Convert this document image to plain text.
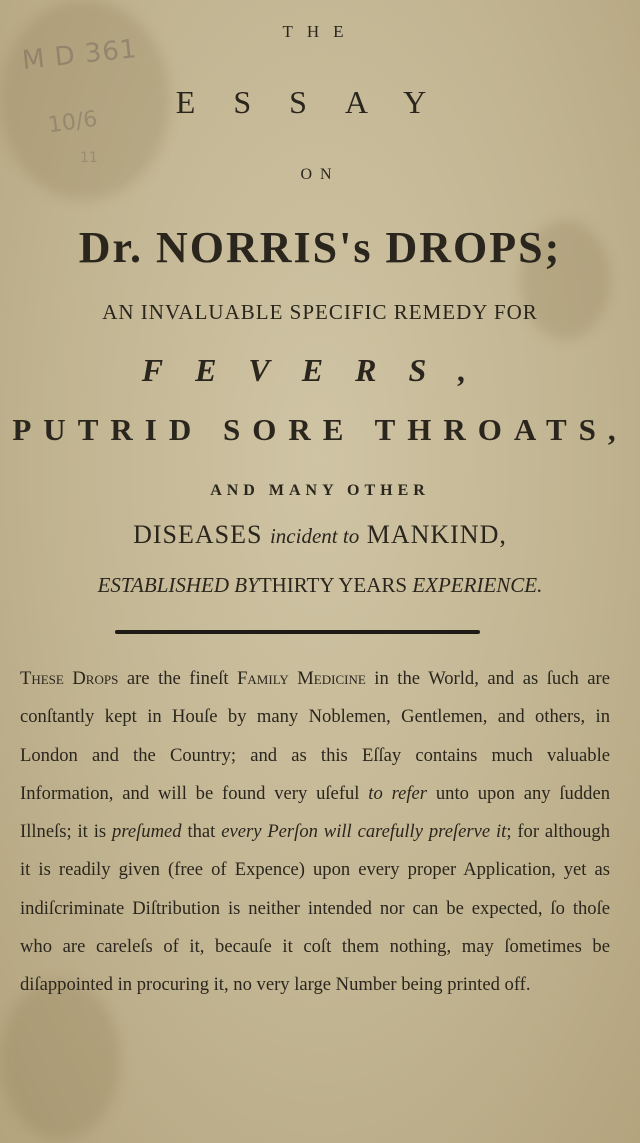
M D 361
10/6
11
THE
ESSAY
ON
Dr. NORRIS's DROPS;
AN INVALUABLE SPECIFIC REMEDY FOR
FEVERS,
PUTRID SORE THROATS,
AND MANY OTHER
DISEASES incident to MANKIND,
ESTABLISHED BYTHIRTY YEARS EXPERIENCE.
These Drops are the fineſt Family Medicine in the World, and as ſuch are conſtantly kept in Houſe by many Noblemen, Gentlemen, and others, in London and the Country; and as this Eſſay contains much valuable Information, and will be found very uſeful to refer unto upon any ſudden Illneſs; it is preſumed that every Perſon will carefully preſerve it; for although it is readily given (free of Expence) upon every proper Application, yet as indiſcriminate Diſtribution is neither intended nor can be expected, ſo thoſe who are careleſs of it, becauſe it coſt them nothing, may ſometimes be diſappointed in procuring it, no very large Number being printed off.
